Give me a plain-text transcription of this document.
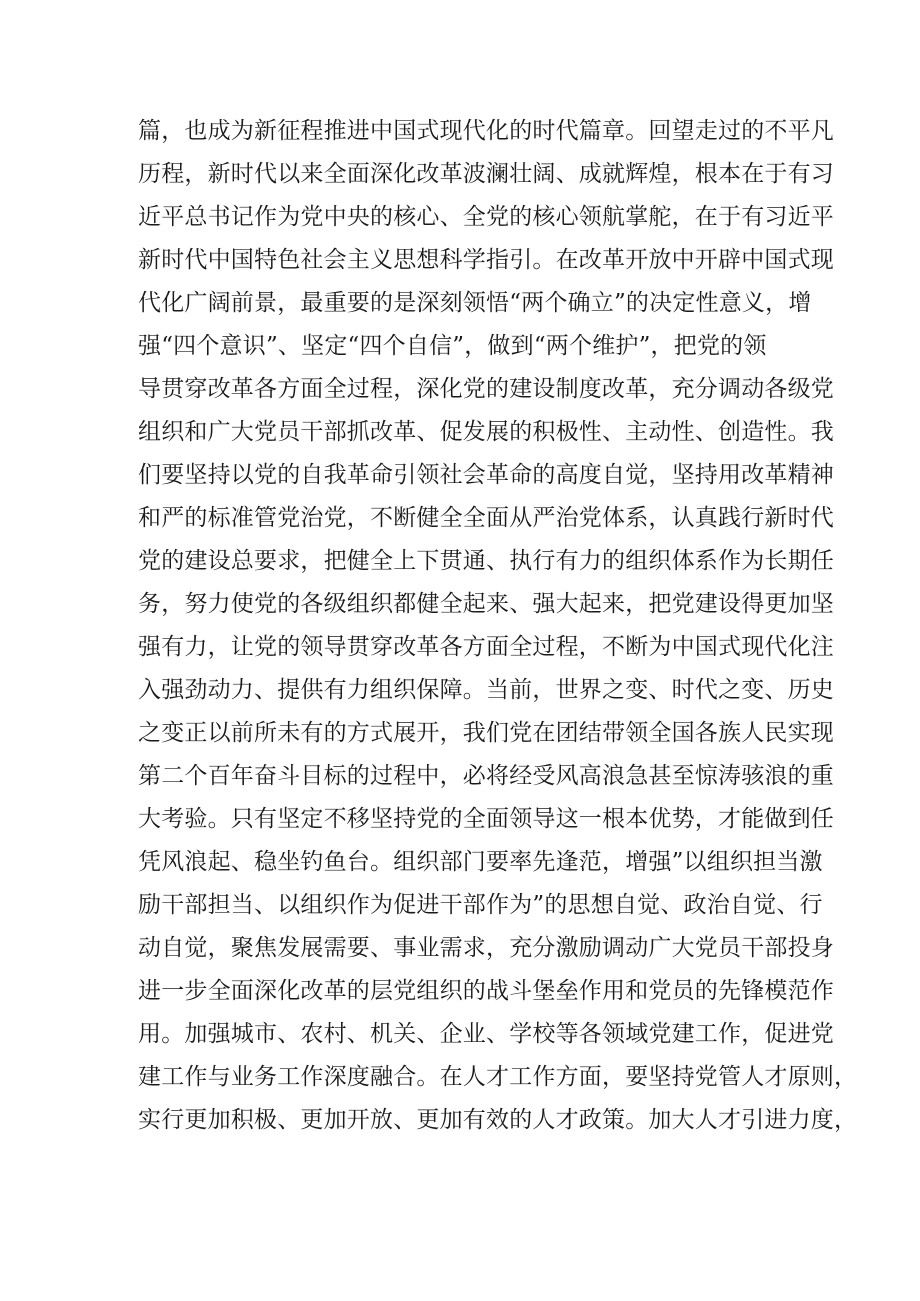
篇，也成为新征程推进中国式现代化的时代篇章。回望走过的不平凡
历程，新时代以来全面深化改革波澜壮阔、成就辉煌，根本在于有习
近平总书记作为党中央的核心、全党的核心领航掌舵，在于有习近平
新时代中国特色社会主义思想科学指引。在改革开放中开辟中国式现
代化广阔前景，最重要的是深刻领悟“两个确立”的决定性意义，增
强“四个意识”、坚定“四个自信”，做到“两个维护”，把党的领
导贯穿改革各方面全过程，深化党的建设制度改革，充分调动各级党
组织和广大党员干部抓改革、促发展的积极性、主动性、创造性。我
们要坚持以党的自我革命引领社会革命的高度自觉，坚持用改革精神
和严的标准管党治党，不断健全全面从严治党体系，认真践行新时代
党的建设总要求，把健全上下贯通、执行有力的组织体系作为长期任
务，努力使党的各级组织都健全起来、强大起来，把党建设得更加坚
强有力，让党的领导贯穿改革各方面全过程，不断为中国式现代化注
入强劲动力、提供有力组织保障。当前，世界之变、时代之变、历史
之变正以前所未有的方式展开，我们党在团结带领全国各族人民实现
第二个百年奋斗目标的过程中，必将经受风高浪急甚至惊涛骇浪的重
大考验。只有坚定不移坚持党的全面领导这一根本优势，才能做到任
凭风浪起、稳坐钓鱼台。组织部门要率先逢范，增强”以组织担当激
励干部担当、以组织作为促进干部作为”的思想自觉、政治自觉、行
动自觉，聚焦发展需要、事业需求，充分激励调动广大党员干部投身
进一步全面深化改革的层党组织的战斗堡垒作用和党员的先锋模范作
用。加强城市、农村、机关、企业、学校等各领域党建工作，促进党
建工作与业务工作深度融合。在人才工作方面，要坚持党管人才原则，
实行更加积极、更加开放、更加有效的人才政策。加大人才引进力度，
